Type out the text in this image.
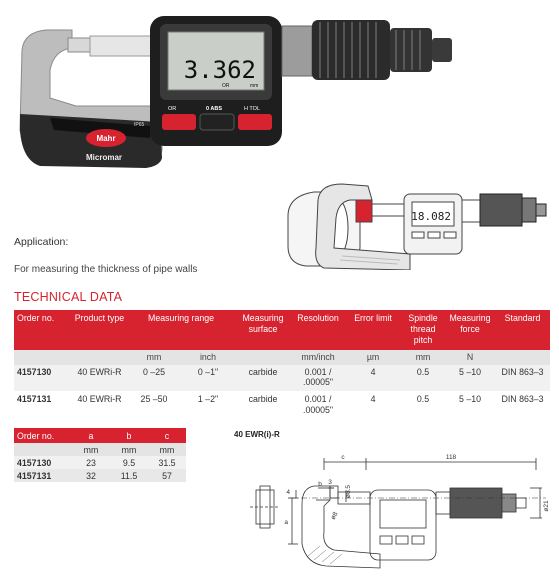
3.362
OR	mm
OR	0 ABS	H TOL
Mahr
Micromar
IP65
Application:
For measuring the thickness of pipe walls
18.082
TECHNICAL DATA
Order no.	Product type	Measuring range		Measuring surface	Resolution	Error limit	Spindle thread pitch	Measuring force	Standard
		mm	inch		mm/inch	µm	mm	N	
4157130	40 EWRi-R	0 –25	0 –1"	carbide	0.001 / .00005"	4	0.5	5 –10	DIN 863–3
4157131	40 EWRi-R	25 –50	1 –2"	carbide	0.001 / .00005"	4	0.5	5 –10	DIN 863–3
Order no.	a	b	c
	mm	mm	mm
4157130	23	9.5	31.5
4157131	32	11.5	57
40 EWR(i)-R
c	118
b 3
ø6.5
4
a
ø8
ø21
